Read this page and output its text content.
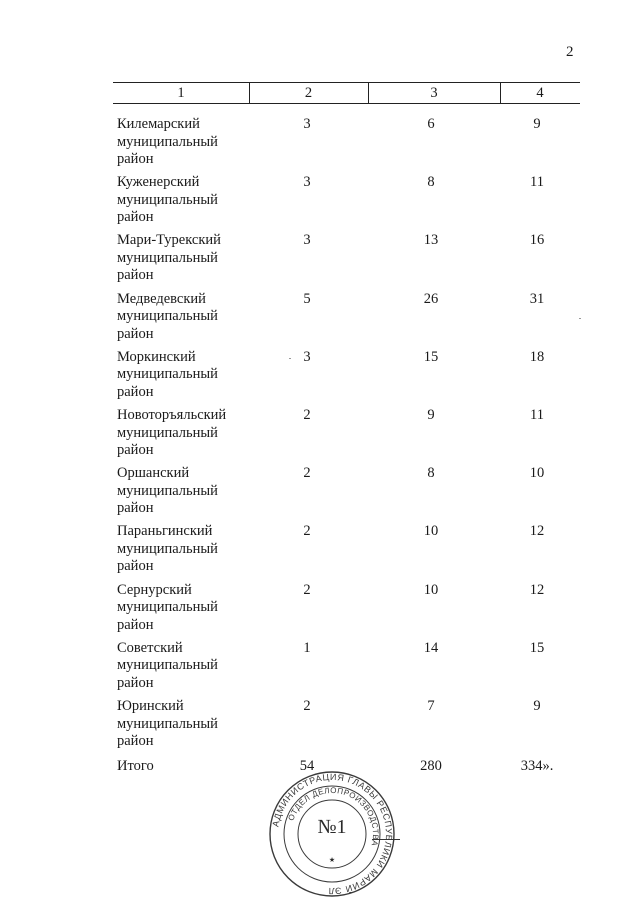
2
1	2	3	4
Килемарский
муниципальный
район
3	6	9
Куженерский
муниципальный
район
3	8	11
Мари-Турекский
муниципальный
район
3	13	16
Медведевский
муниципальный
район
5	26	31
Моркинский
муниципальный
район
3	15	18
Новоторъяльский
муниципальный
район
2	9	11
Оршанский
муниципальный
район
2	8	10
Параньгинский
муниципальный
район
2	10	12
Сернурский
муниципальный
район
2	10	12
Советский
муниципальный
район
1	14	15
Юринский
муниципальный
район
2	7	9
Итого	54	280	334».
АДМИНИСТРАЦИЯ ГЛАВЫ РЕСПУБЛИКИ МАРИЙ ЭЛ
ОТДЕЛ ДЕЛОПРОИЗВОДСТВА
№1
★
